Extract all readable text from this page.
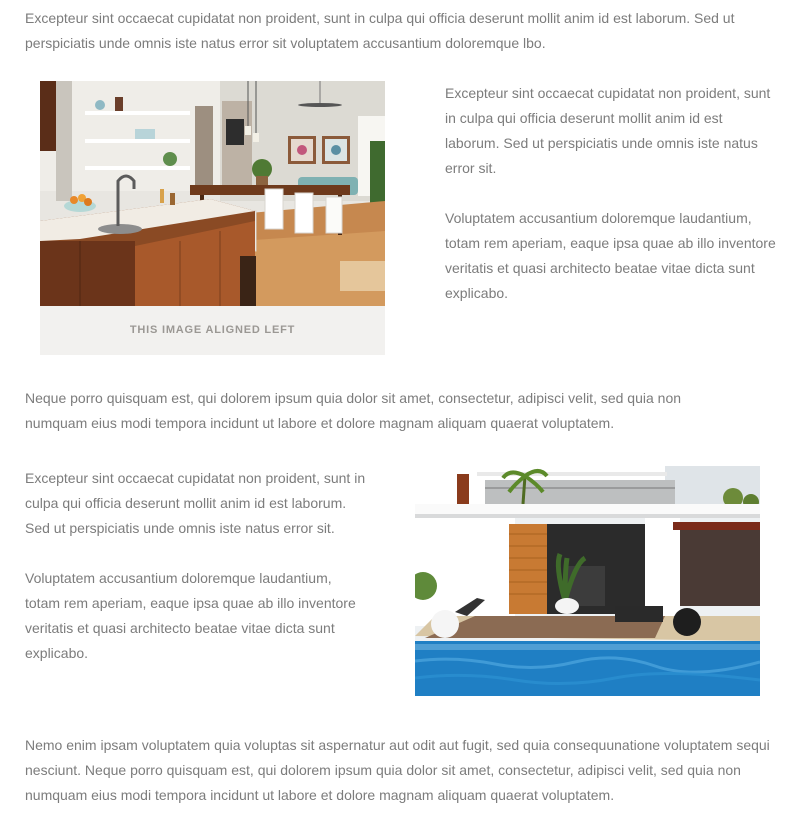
Excepteur sint occaecat cupidatat non proident, sunt in culpa qui officia deserunt mollit anim id est laborum. Sed ut perspiciatis unde omnis iste natus error sit voluptatem accusantium doloremque lbo.

THIS IMAGE ALIGNED LEFT

Excepteur sint occaecat cupidatat non proident, sunt in culpa qui officia deserunt mollit anim id est laborum. Sed ut perspiciatis unde omnis iste natus error sit.

Voluptatem accusantium doloremque laudantium, totam rem aperiam, eaque ipsa quae ab illo inventore veritatis et quasi architecto beatae vitae dicta sunt explicabo.

Neque porro quisquam est, qui dolorem ipsum quia dolor sit amet, consectetur, adipisci velit, sed quia non numquam eius modi tempora incidunt ut labore et dolore magnam aliquam quaerat voluptatem.

Excepteur sint occaecat cupidatat non proident, sunt in culpa qui officia deserunt mollit anim id est laborum. Sed ut perspiciatis unde omnis iste natus error sit.

Voluptatem accusantium doloremque laudantium, totam rem aperiam, eaque ipsa quae ab illo inventore veritatis et quasi architecto beatae vitae dicta sunt explicabo.

Nemo enim ipsam voluptatem quia voluptas sit aspernatur aut odit aut fugit, sed quia consequunatione voluptatem sequi nesciunt. Neque porro quisquam est, qui dolorem ipsum quia dolor sit amet, consectetur, adipisci velit, sed quia non numquam eius modi tempora incidunt ut labore et dolore magnam aliquam quaerat voluptatem.
